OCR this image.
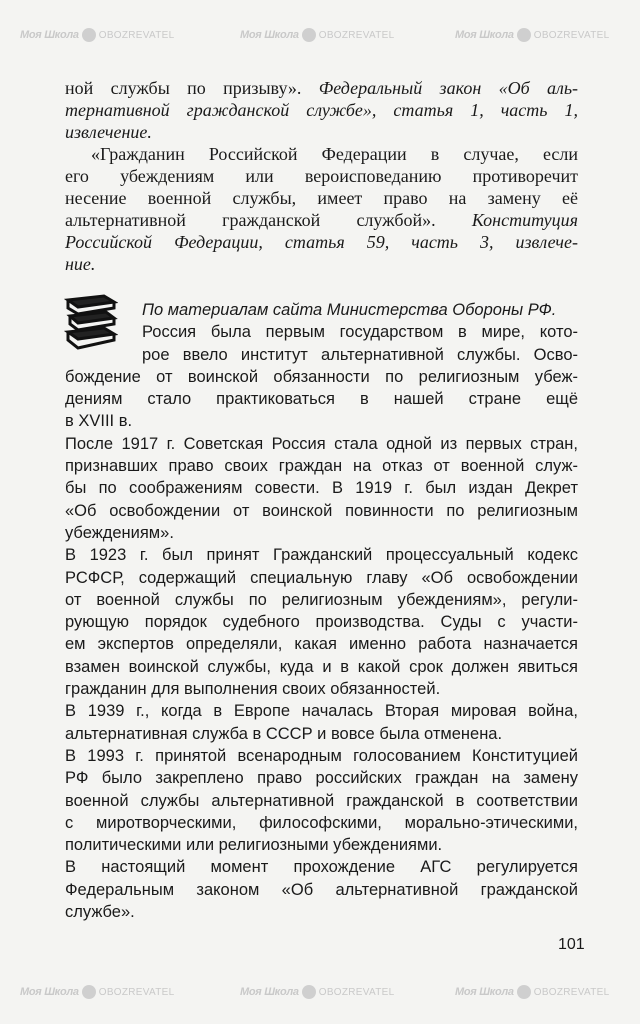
Моя Школа OBOZREVATEL	Моя Школа OBOZREVATEL	Моя Школа OBOZREVATEL
Моя Школа OBOZREVATEL	Моя Школа OBOZREVATEL	Моя Школа OBOZREVATEL
ной службы по призыву». Федеральный закон «Об аль-
тернативной гражданской службе», статья 1, часть 1,
извлечение.
«Гражданин Российской Федерации в случае, если
его убеждениям или вероисповеданию противоречит
несение военной службы, имеет право на замену её
альтернативной гражданской службой». Конституция
Российской Федерации, статья 59, часть 3, извлече-
ние.
По материалам сайта Министерства Обороны РФ.
Россия была первым государством в мире, кото-
рое ввело институт альтернативной службы. Осво-
бождение от воинской обязанности по религиозным убеж-
дениям стало практиковаться в нашей стране ещё
в XVIII в.
После 1917 г. Советская Россия стала одной из первых стран,
признавших право своих граждан на отказ от военной служ-
бы по соображениям совести. В 1919 г. был издан Декрет
«Об освобождении от воинской повинности по религиозным
убеждениям».
В 1923 г. был принят Гражданский процессуальный кодекс
РСФСР, содержащий специальную главу «Об освобождении
от военной службы по религиозным убеждениям», регули-
рующую порядок судебного производства. Суды с участи-
ем экспертов определяли, какая именно работа назначается
взамен воинской службы, куда и в какой срок должен явиться
гражданин для выполнения своих обязанностей.
В 1939 г., когда в Европе началась Вторая мировая война,
альтернативная служба в СССР и вовсе была отменена.
В 1993 г. принятой всенародным голосованием Конституцией
РФ было закреплено право российских граждан на замену
военной службы альтернативной гражданской в соответствии
с миротворческими, философскими, морально-этическими,
политическими или религиозными убеждениями.
В настоящий момент прохождение АГС регулируется
Федеральным законом «Об альтернативной гражданской
службе».
101
